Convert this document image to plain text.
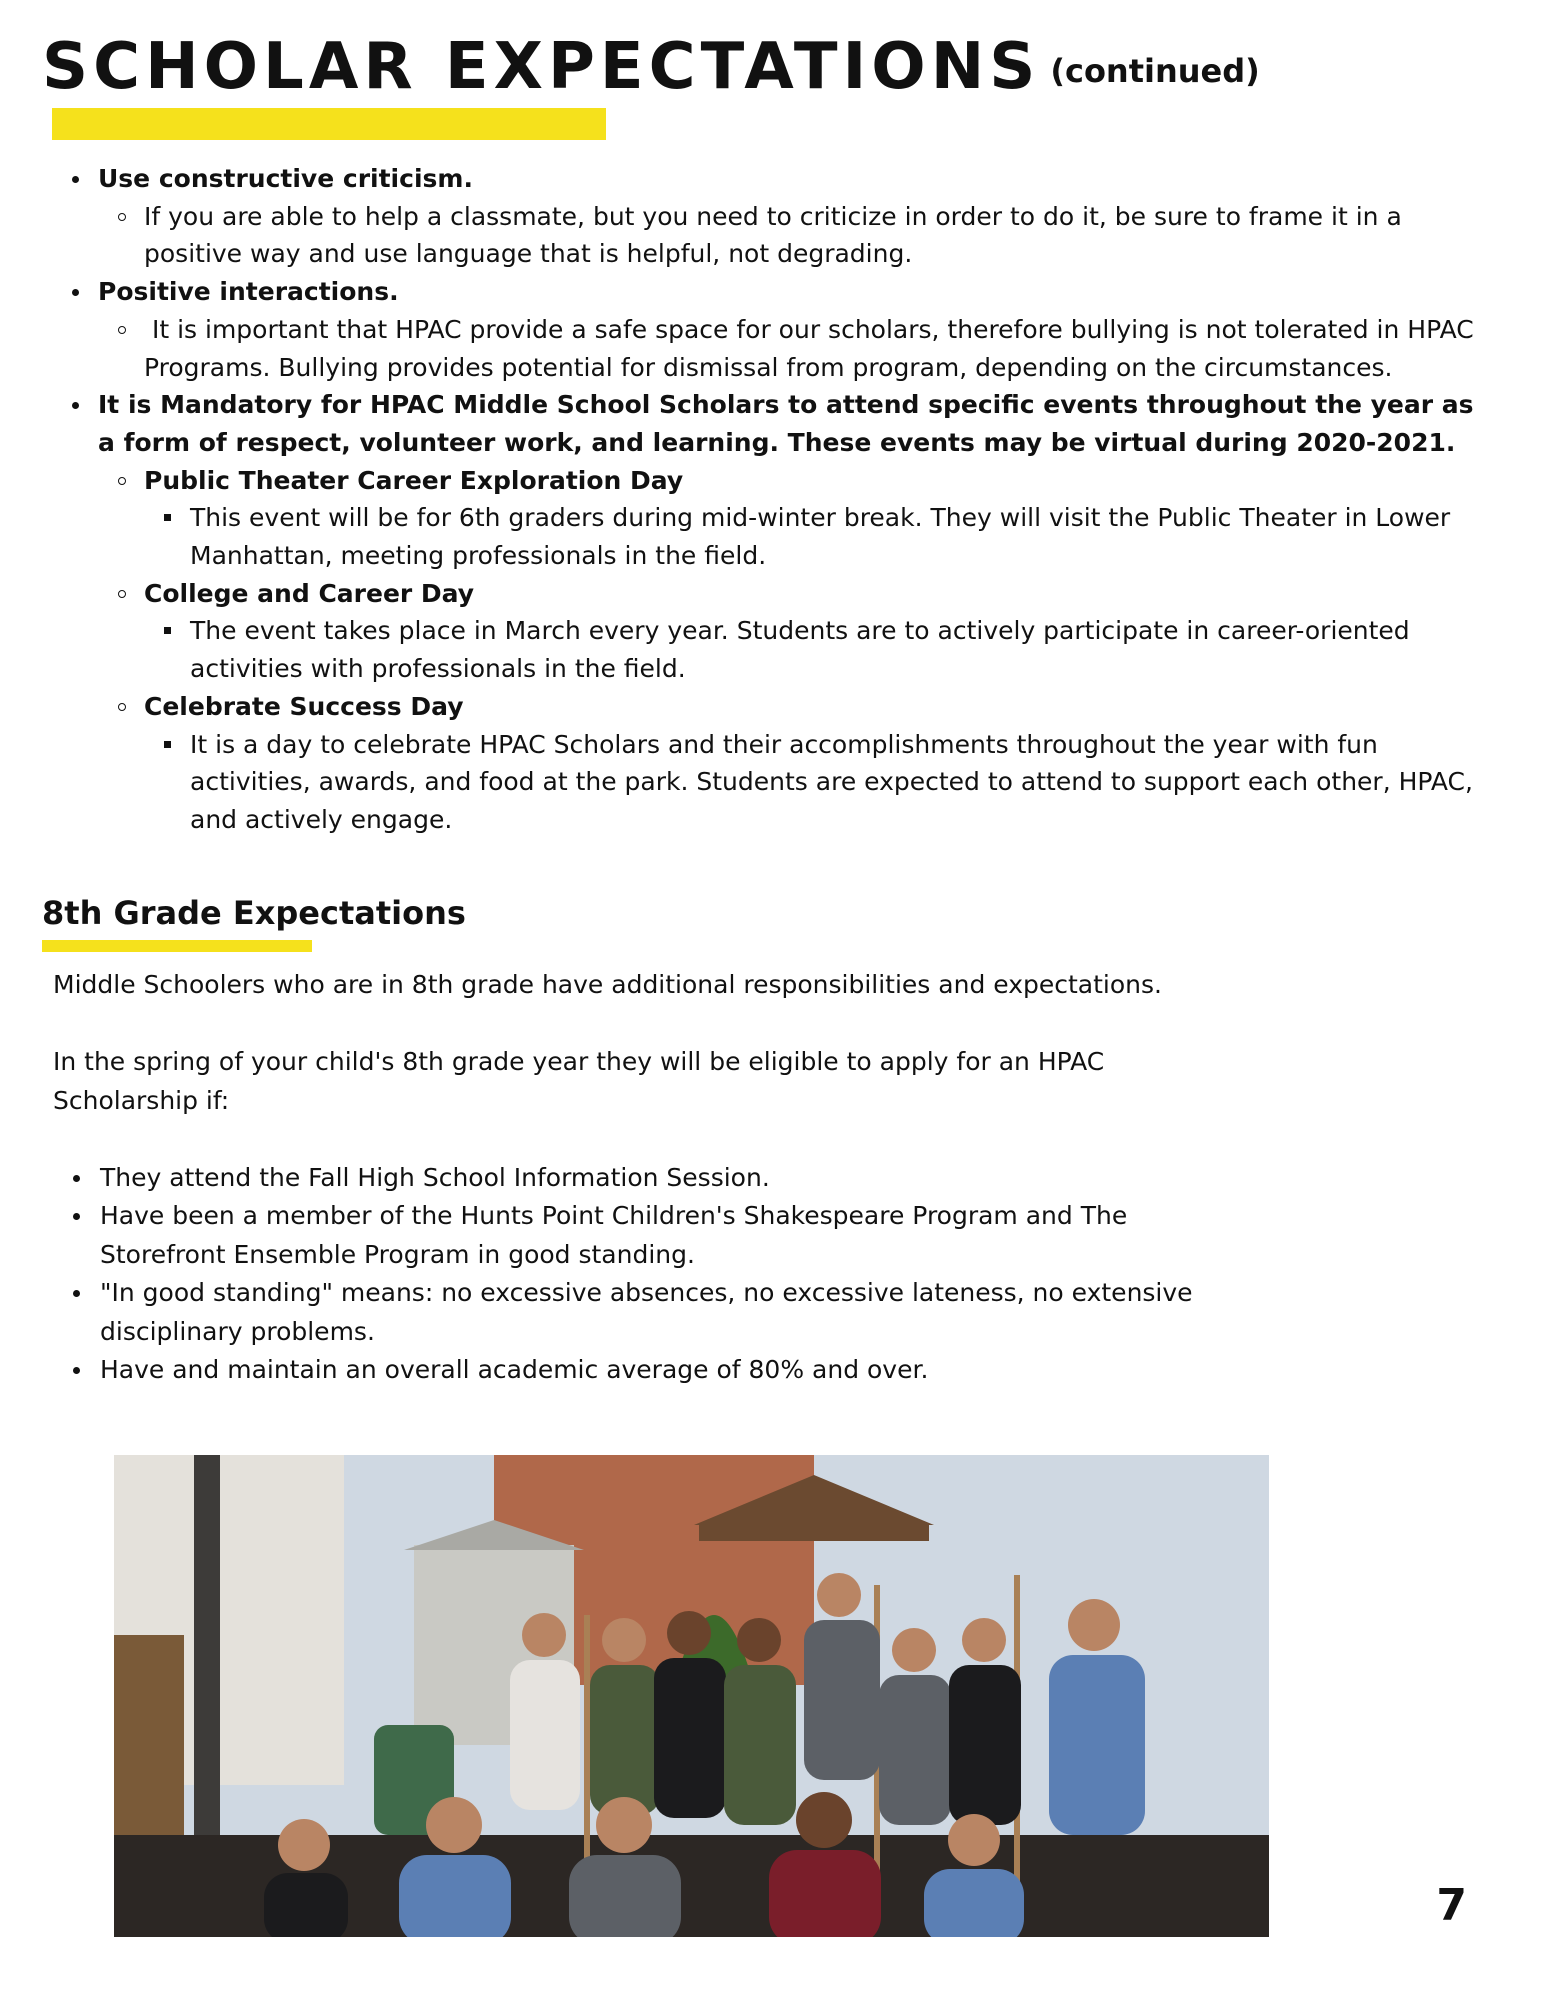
SCHOLAR EXPECTATIONS (continued)
Use constructive criticism.
If you are able to help a classmate, but you need to criticize in order to do it, be sure to frame it in a positive way and use language that is helpful, not degrading.
Positive interactions.
It is important that HPAC provide a safe space for our scholars, therefore bullying is not tolerated in HPAC Programs. Bullying provides potential for dismissal from program, depending on the circumstances.
It is Mandatory for HPAC Middle School Scholars to attend specific events throughout the year as a form of respect, volunteer work, and learning. These events may be virtual during 2020-2021.
Public Theater Career Exploration Day
This event will be for 6th graders during mid-winter break. They will visit the Public Theater in Lower Manhattan, meeting professionals in the field.
College and Career Day
The event takes place in March every year. Students are to actively participate in career-oriented activities with professionals in the field.
Celebrate Success Day
It is a day to celebrate HPAC Scholars and their accomplishments throughout the year with fun activities, awards, and food at the park. Students are expected to attend to support each other, HPAC, and actively engage.
8th Grade Expectations

Middle Schoolers who are in 8th grade have additional responsibilities and expectations.

In the spring of your child's 8th grade year they will be eligible to apply for an HPAC Scholarship if:

They attend the Fall High School Information Session.
Have been a member of the Hunts Point Children's Shakespeare Program and The Storefront Ensemble Program in good standing.
"In good standing" means: no excessive absences, no excessive lateness, no extensive disciplinary problems.
Have and maintain an overall academic average of 80% and over.
7
